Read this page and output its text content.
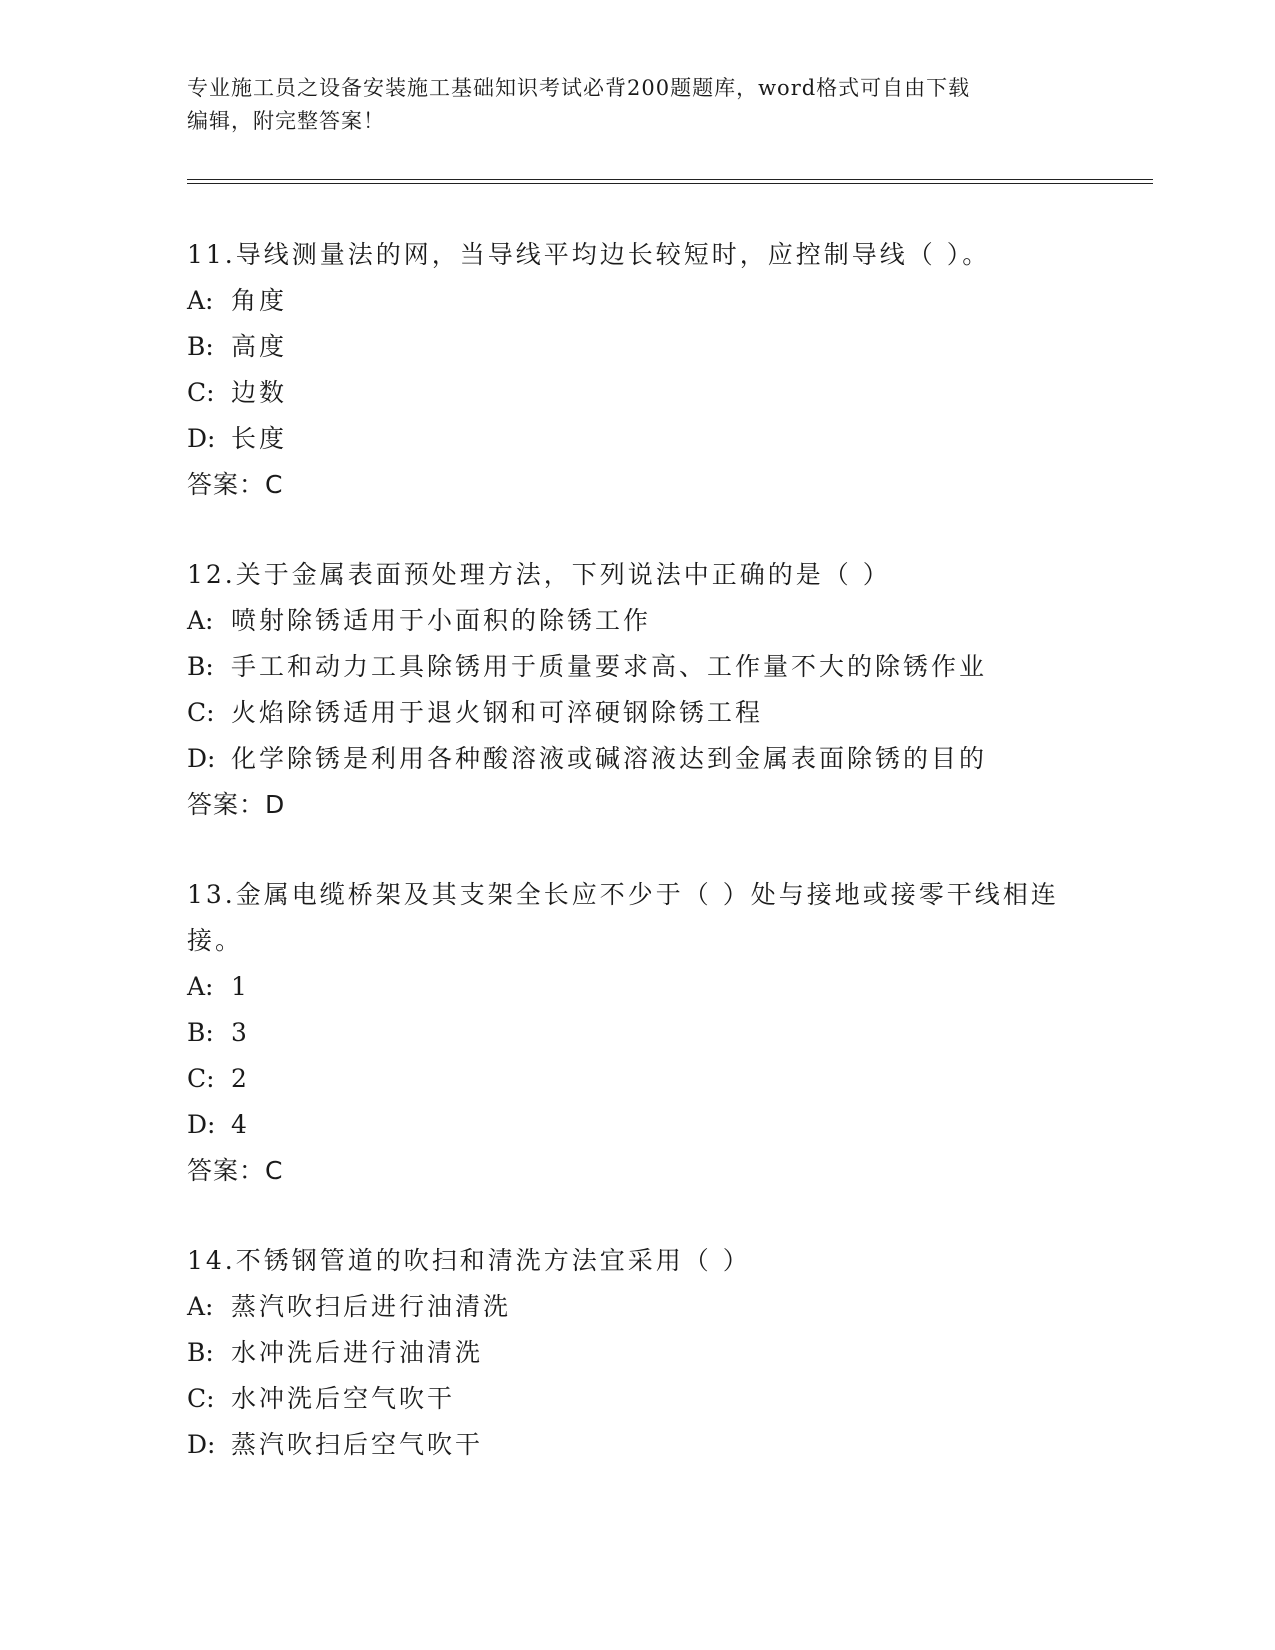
专业施工员之设备安装施工基础知识考试必背200题题库，word格式可自由下载
编辑，附完整答案！
11.导线测量法的网，当导线平均边长较短时，应控制导线（ ）。
A: 角度
B: 高度
C: 边数
D: 长度
答案：C
12.关于金属表面预处理方法，下列说法中正确的是（ ）
A: 喷射除锈适用于小面积的除锈工作
B: 手工和动力工具除锈用于质量要求高、工作量不大的除锈作业
C: 火焰除锈适用于退火钢和可淬硬钢除锈工程
D: 化学除锈是利用各种酸溶液或碱溶液达到金属表面除锈的目的
答案：D
13.金属电缆桥架及其支架全长应不少于（ ）处与接地或接零干线相连接。
A: 1
B: 3
C: 2
D: 4
答案：C
14.不锈钢管道的吹扫和清洗方法宜采用（ ）
A: 蒸汽吹扫后进行油清洗
B: 水冲洗后进行油清洗
C: 水冲洗后空气吹干
D: 蒸汽吹扫后空气吹干
